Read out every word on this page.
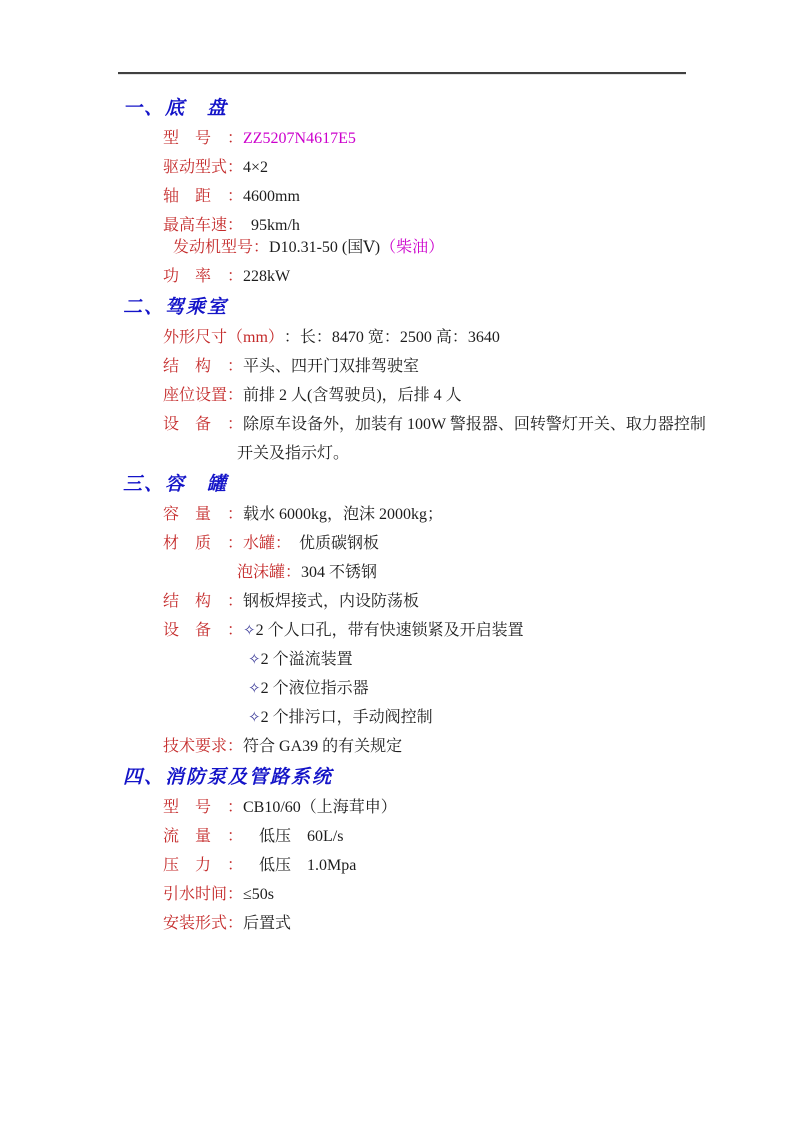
一、底　盘
型号：ZZ5207N4617E5
驱动型式：4×2
轴距：4600mm
最高车速：  95km/h
发动机型号：D10.31-50 (国Ⅴ)（柴油）
功率：228kW
二、驾乘室
外形尺寸（mm）：长：8470 宽：2500 高：3640
结构：平头、四开门双排驾驶室
座位设置：前排 2 人(含驾驶员)，后排 4 人
设备：除原车设备外，加装有 100W 警报器、回转警灯开关、取力器控制
开关及指示灯。
三、容　罐
容量：载水 6000kg，泡沫 2000kg；
材质：水罐：　优质碳钢板
泡沫罐：304 不锈钢
结构：钢板焊接式，内设防荡板
设备：✧2 个人口孔，带有快速锁紧及开启装置
✧2 个溢流装置
✧2 个液位指示器
✧2 个排污口，手动阀控制
技术要求：符合 GA39 的有关规定
四、消防泵及管路系统
型号：CB10/60（上海茸申）
流量：　低压　60L/s
压力：　低压　1.0Mpa
引水时间：≤50s
安装形式：后置式
